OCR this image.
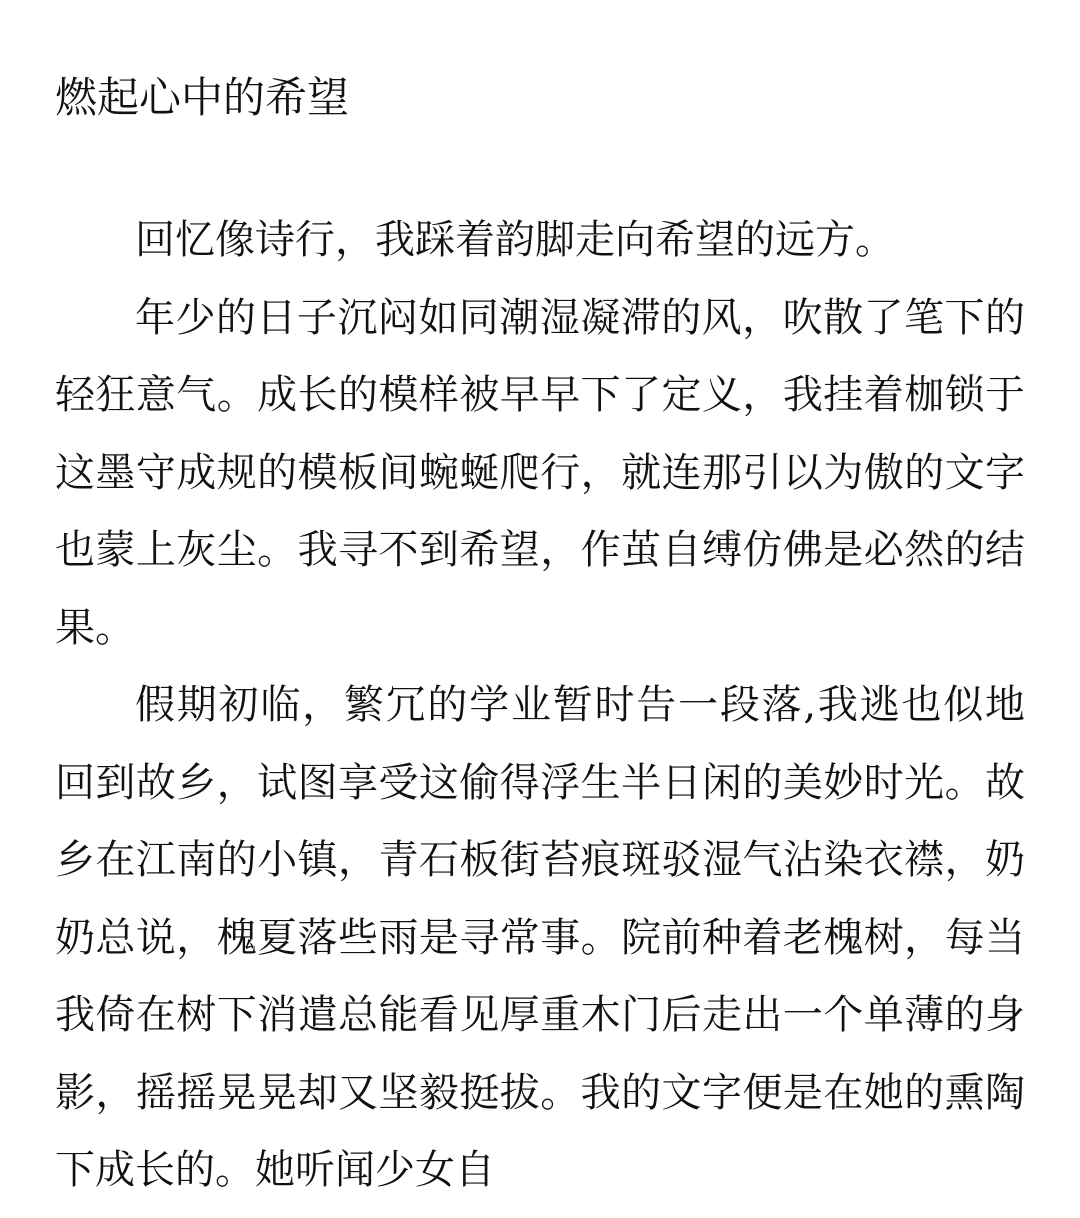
燃起心中的希望

回忆像诗行，我踩着韵脚走向希望的远方。

年少的日子沉闷如同潮湿凝滞的风，吹散了笔下的轻狂意气。成长的模样被早早下了定义，我挂着枷锁于这墨守成规的模板间蜿蜒爬行，就连那引以为傲的文字也蒙上灰尘。我寻不到希望，作茧自缚仿佛是必然的结果。

假期初临，繁冗的学业暂时告一段落,我逃也似地回到故乡，试图享受这偷得浮生半日闲的美妙时光。故乡在江南的小镇，青石板街苔痕斑驳湿气沾染衣襟，奶奶总说，槐夏落些雨是寻常事。院前种着老槐树，每当我倚在树下消遣总能看见厚重木门后走出一个单薄的身影，摇摇晃晃却又坚毅挺拔。我的文字便是在她的熏陶下成长的。她听闻少女自
